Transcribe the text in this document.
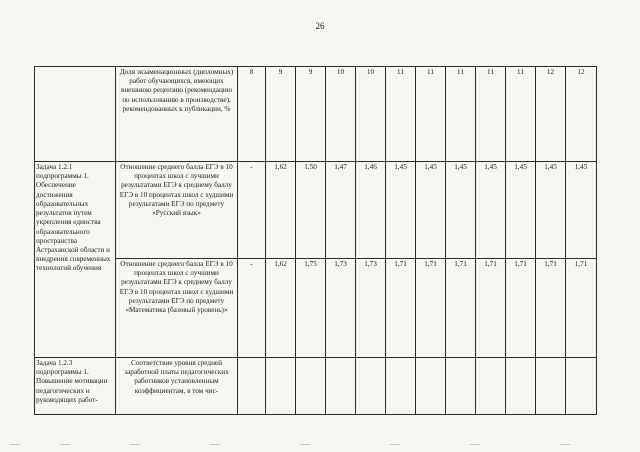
26
	Доля экзаменационных (дипломных) работ обучающихся, имеющих внешнюю рецензию (рекомендацию по использованию в производстве), рекомендованных к публикации, %	8	9	9	10	10	11	11	11	11	11	12	12
Задача 1.2.1 подпрограммы 1. Обеспечение достижения образовательных результатов путем укрепления единства образовательного пространства Астраханской области и внедрения современных технологий обучения	Отношение среднего балла ЕГЭ в 10 процентах школ с лучшими результатами ЕГЭ к среднему баллу ЕГЭ в 10 процентах школ с худшими результатами ЕГЭ по предмету «Русский язык»	-	1,62	1,50	1,47	1,46	1,45	1,45	1,45	1,45	1,45	1,45	1,45
	Отношение среднего балла ЕГЭ в 10 процентах школ с лучшими результатами ЕГЭ к среднему баллу ЕГЭ в 10 процентах школ с худшими результатами ЕГЭ по предмету «Математика (базовый уровень)»	-	1,62	1,75	1,73	1,73	1,71	1,71	1,71	1,71	1,71	1,71	1,71
Задача 1.2.3 подпрограммы 1. Повышение мотивации педагогических и руководящих работ-	Соответствие уровня средней заработной платы педагогических работников установленным коэффициентам, в том чис-												
